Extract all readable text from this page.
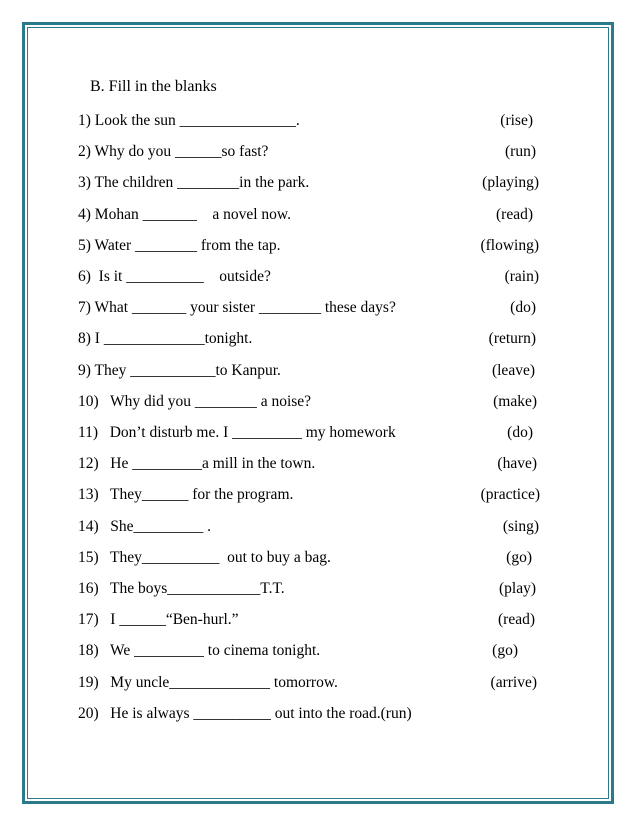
B. Fill in the blanks
1) Look the sun _______________.	(rise)
2) Why do you ______so fast?	(run)
3) The children ________in the park.	(playing)
4) Mohan _______    a novel now.	(read)
5) Water ________ from the tap.	(flowing)
6)  Is it __________    outside?	(rain)
7) What _______ your sister ________ these days?	(do)
8) I _____________tonight.	(return)
9) They ___________to Kanpur.	(leave)
10)   Why did you ________ a noise?	(make)
11)   Don’t disturb me. I _________ my homework	(do)
12)   He _________a mill in the town.	(have)
13)   They______ for the program.	(practice)
14)   She_________ .	(sing)
15)   They__________  out to buy a bag.	(go)
16)   The boys____________T.T.	(play)
17)   I ______“Ben-hurl.”	(read)
18)   We _________ to cinema tonight.	(go)
19)   My uncle_____________ tomorrow.	(arrive)
20)   He is always __________ out into the road.(run)
